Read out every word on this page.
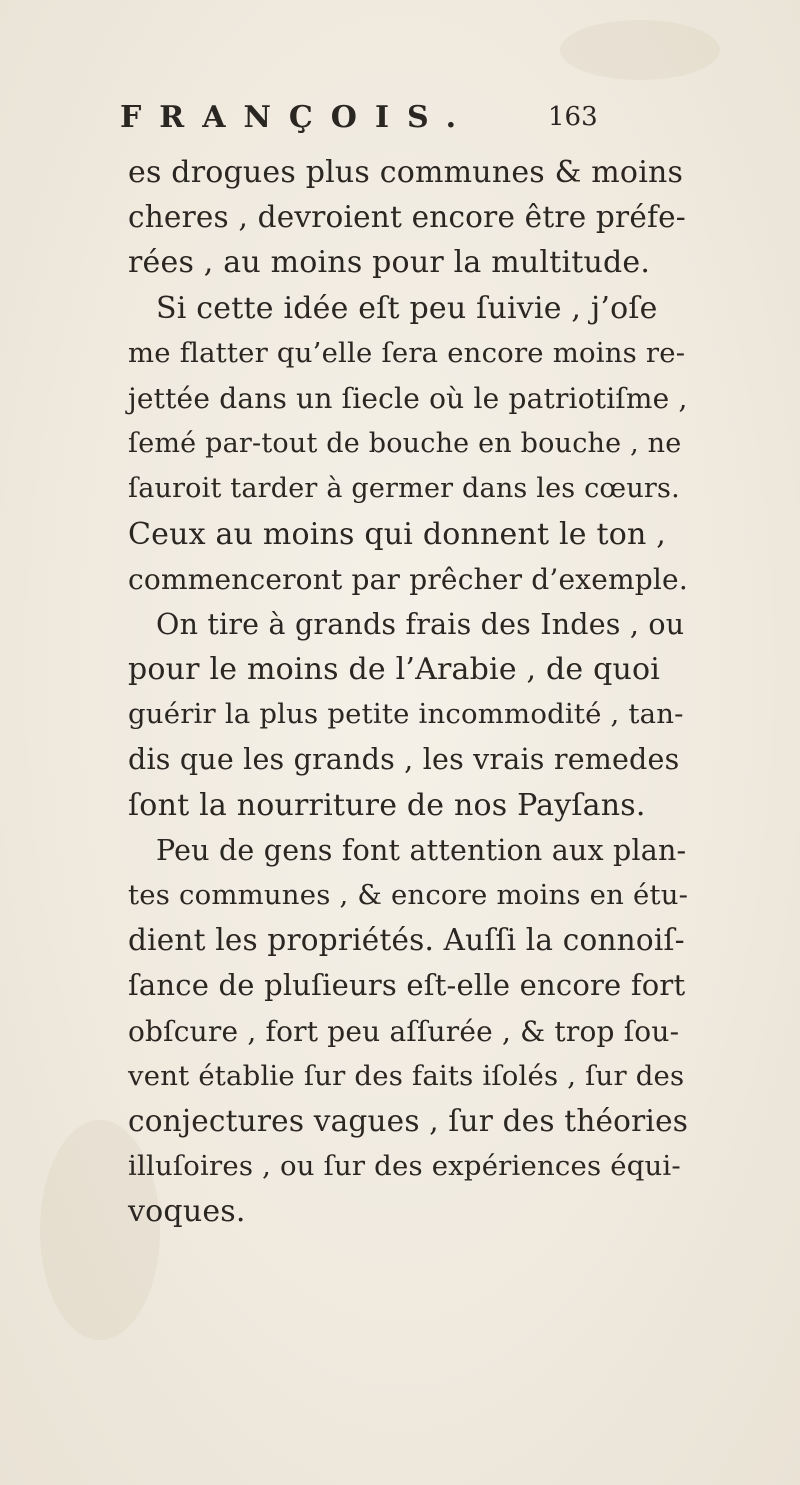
FRANÇOIS.	163
es drogues plus communes & moins
cheres , devroient encore être préfe-
rées , au moins pour la multitude.
Si cette idée eſt peu ſuivie , j’oſe
me flatter qu’elle ſera encore moins re-
jettée dans un ſiecle où le patriotiſme ,
ſemé par-tout de bouche en bouche , ne
ſauroit tarder à germer dans les cœurs.
Ceux au moins qui donnent le ton ,
commenceront par prêcher d’exemple.
On tire à grands frais des Indes , ou
pour le moins de l’Arabie , de quoi
guérir la plus petite incommodité , tan-
dis que les grands , les vrais remedes
ſont la nourriture de nos Payſans.
Peu de gens font attention aux plan-
tes communes , & encore moins en étu-
dient les propriétés. Auſſi la connoiſ-
ſance de pluſieurs eſt-elle encore fort
obſcure , fort peu aſſurée , & trop ſou-
vent établie ſur des faits iſolés , ſur des
conjectures vagues , ſur des théories
illuſoires , ou ſur des expériences équi-
voques.
